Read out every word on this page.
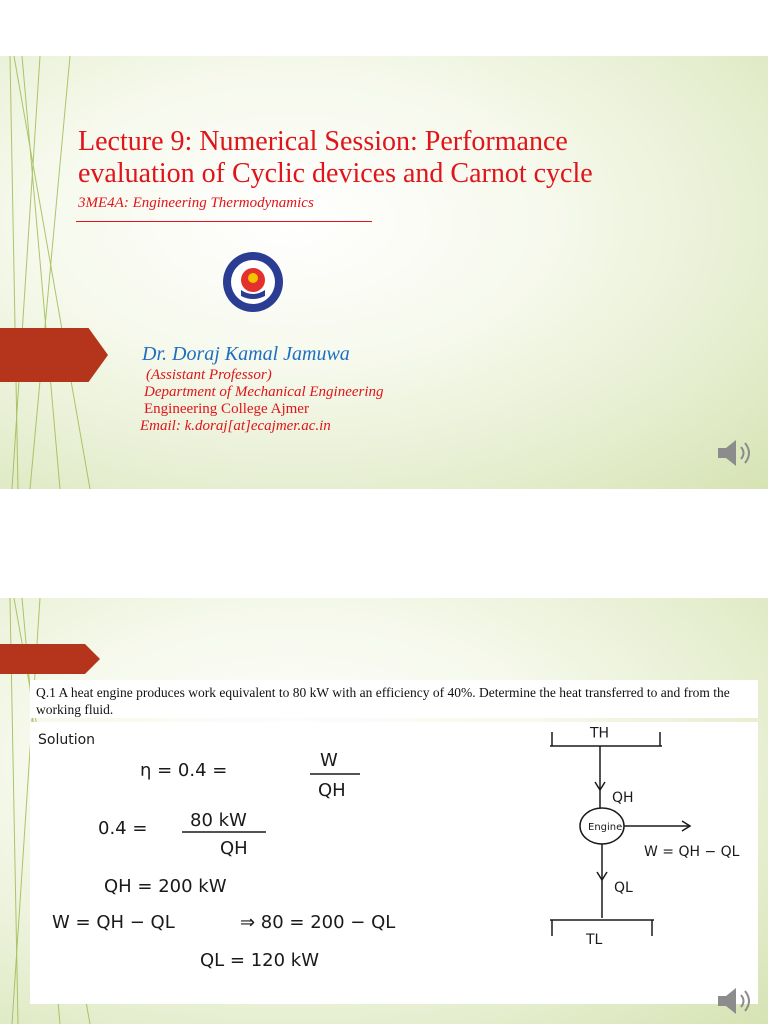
Lecture 9: Numerical Session: Performance evaluation of Cyclic devices and Carnot cycle
3ME4A: Engineering Thermodynamics
Dr. Doraj Kamal Jamuwa
(Assistant Professor)
Department of Mechanical Engineering
Engineering College Ajmer
Email: k.doraj[at]ecajmer.ac.in

Q.1 A heat engine produces work equivalent to 80 kW with an efficiency of 40%. Determine the heat transferred to and from the working fluid.

Solution
η = 0.4 =	W
QH
0.4 = 80 kW
QH
QH = 200 kW
W = QH − QL	⇒ 80 = 200 − QL
QL = 120 kW
TH
QH
Engine
W = QH − QL
QL
TL
